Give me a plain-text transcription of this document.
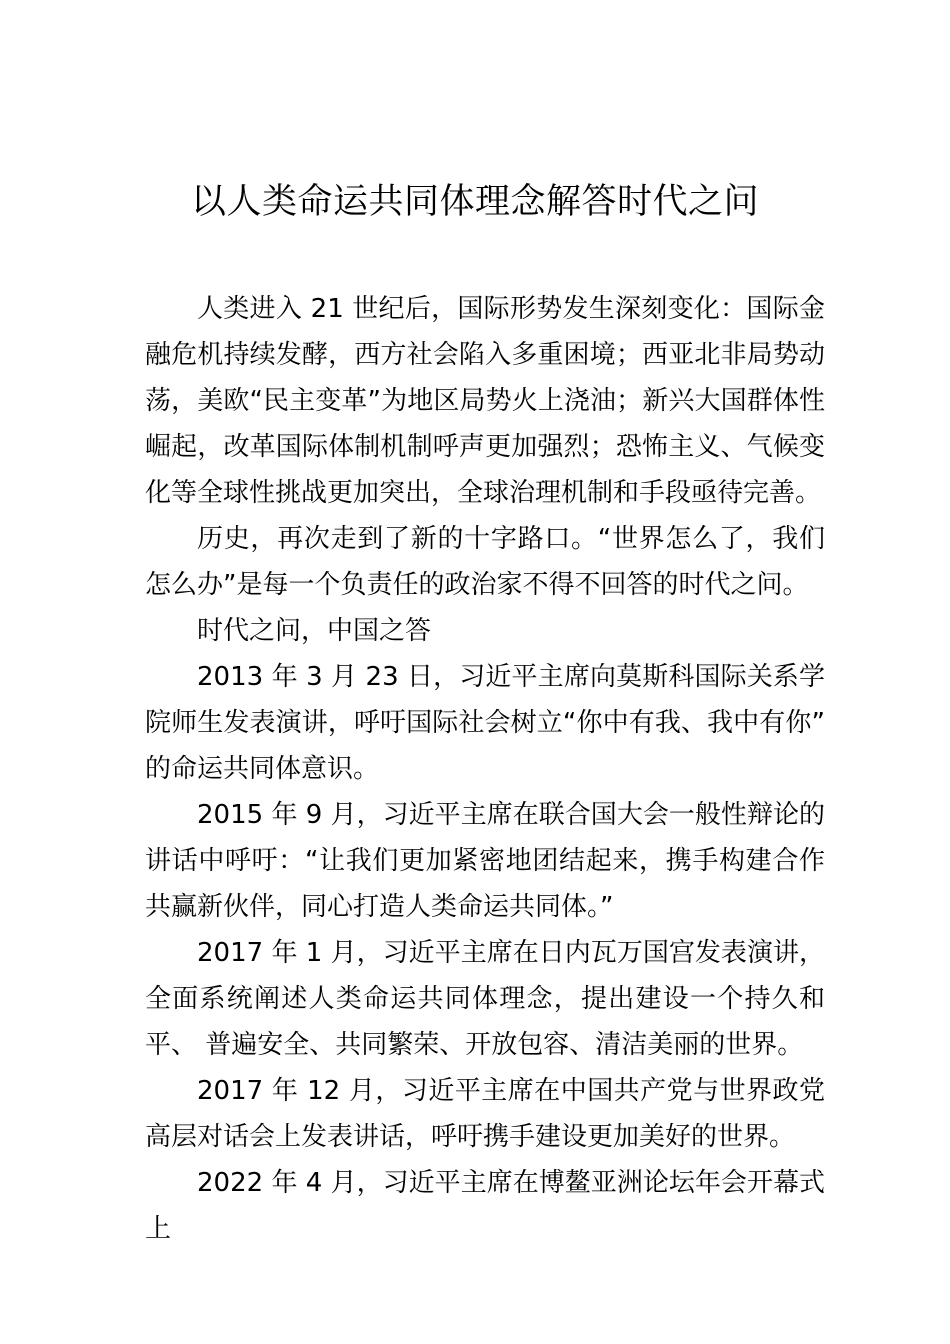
以人类命运共同体理念解答时代之问

人类进入 21 世纪后，国际形势发生深刻变化：国际金融危机持续发酵，西方社会陷入多重困境；西亚北非局势动荡，美欧“民主变革”为地区局势火上浇油；新兴大国群体性崛起，改革国际体制机制呼声更加强烈；恐怖主义、气候变化等全球性挑战更加突出，全球治理机制和手段亟待完善。

历史，再次走到了新的十字路口。“世界怎么了，我们怎么办”是每一个负责任的政治家不得不回答的时代之问。

时代之问，中国之答

2013 年 3 月 23 日，习近平主席向莫斯科国际关系学院师生发表演讲，呼吁国际社会树立“你中有我、我中有你” 的命运共同体意识。

2015 年 9 月，习近平主席在联合国大会一般性辩论的讲话中呼吁：“让我们更加紧密地团结起来，携手构建合作共赢新伙伴，同心打造人类命运共同体。”

2017 年 1 月，习近平主席在日内瓦万国宫发表演讲，全面系统阐述人类命运共同体理念，提出建设一个持久和平、 普遍安全、共同繁荣、开放包容、清洁美丽的世界。

2017 年 12 月，习近平主席在中国共产党与世界政党高层对话会上发表讲话，呼吁携手建设更加美好的世界。

2022 年 4 月，习近平主席在博鳌亚洲论坛年会开幕式上
